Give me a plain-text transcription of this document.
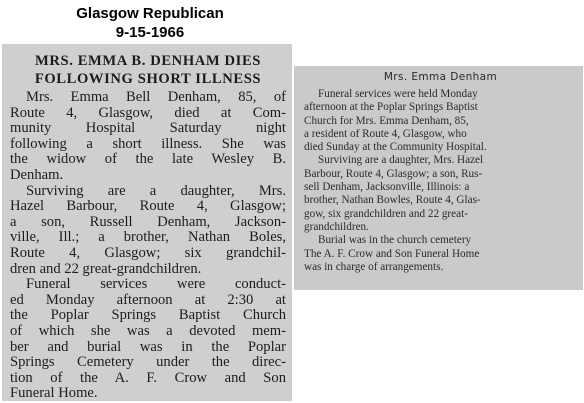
Glasgow Republican
9-15-1966
MRS. EMMA B. DENHAM DIES
FOLLOWING SHORT ILLNESS
Mrs. Emma Bell Denham, 85, of
Route 4, Glasgow, died at Com-
munity Hospital Saturday night
following a short illness. She was
the widow of the late Wesley B.
Denham.
Surviving are a daughter, Mrs.
Hazel Barbour, Route 4, Glasgow;
a son, Russell Denham, Jackson-
ville, Ill.; a brother, Nathan Boles,
Route 4, Glasgow; six grandchil-
dren and 22 great-grandchildren.
Funeral services were conduct-
ed Monday afternoon at 2:30 at
the Poplar Springs Baptist Church
of which she was a devoted mem-
ber and burial was in the Poplar
Springs Cemetery under the direc-
tion of the A. F. Crow and Son
Funeral Home.
Mrs. Emma Denham
Funeral services were held Monday
afternoon at the Poplar Springs Baptist
Church for Mrs. Emma Denham, 85,
a resident of Route 4, Glasgow, who
died Sunday at the Community Hospital.
Surviving are a daughter, Mrs. Hazel
Barbour, Route 4, Glasgow; a son, Rus-
sell Denham, Jacksonville, Illinois: a
brother, Nathan Bowles, Route 4, Glas-
gow, six grandchildren and 22 great-
grandchildren.
Burial was in the church cemetery
The A. F. Crow and Son Funeral Home
was in charge of arrangements.
